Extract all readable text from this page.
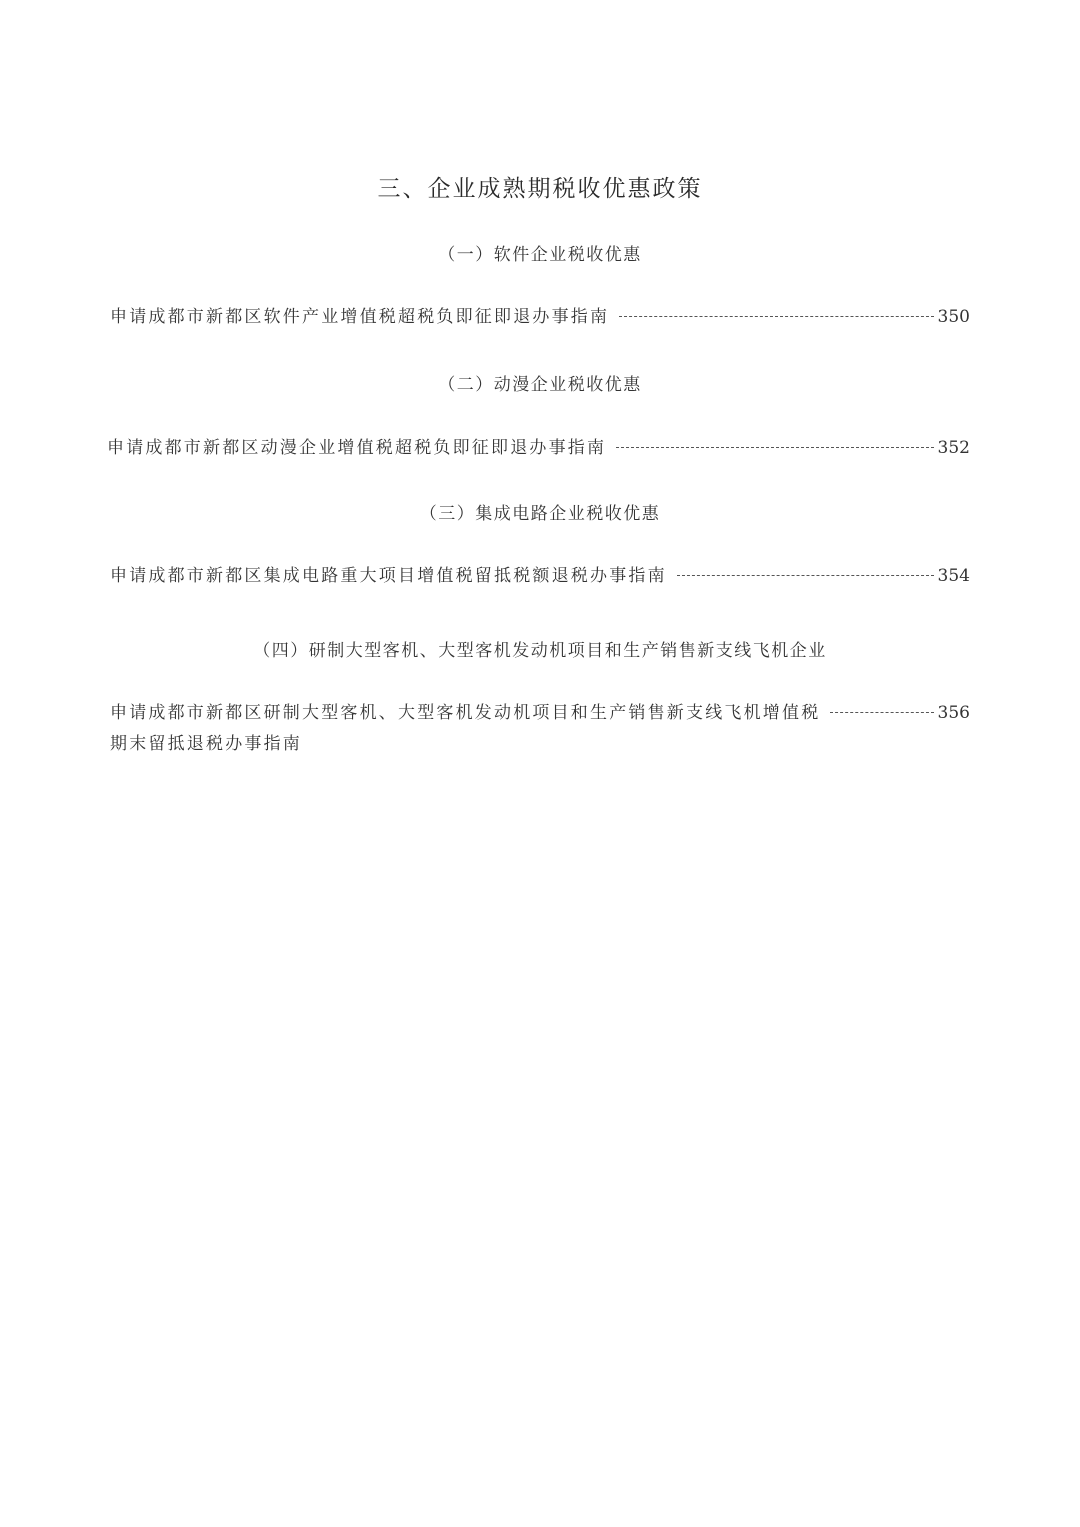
三、企业成熟期税收优惠政策
（一）软件企业税收优惠
申请成都市新都区软件产业增值税超税负即征即退办事指南	350
（二）动漫企业税收优惠
申请成都市新都区动漫企业增值税超税负即征即退办事指南	352
（三）集成电路企业税收优惠
申请成都市新都区集成电路重大项目增值税留抵税额退税办事指南	354
（四）研制大型客机、大型客机发动机项目和生产销售新支线飞机企业
申请成都市新都区研制大型客机、大型客机发动机项目和生产销售新支线飞机增值税	356
期末留抵退税办事指南
